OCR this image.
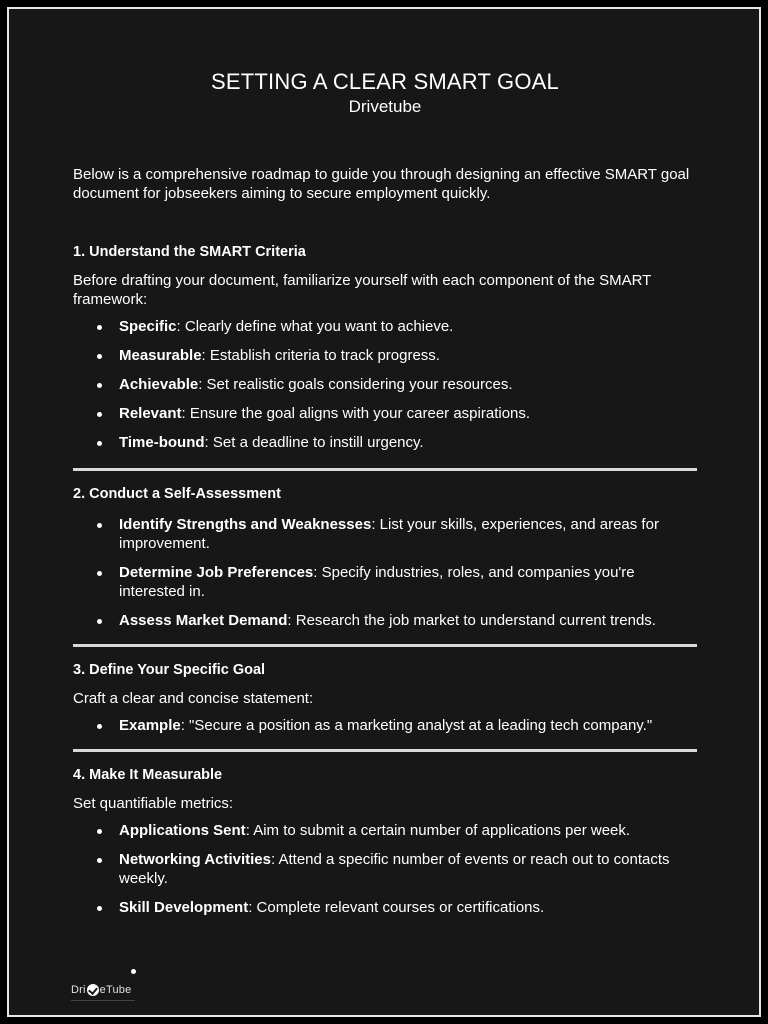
SETTING A CLEAR SMART GOAL
Drivetube

Below is a comprehensive roadmap to guide you through designing an effective SMART goal document for jobseekers aiming to secure employment quickly.

1. Understand the SMART Criteria

Before drafting your document, familiarize yourself with each component of the SMART framework:

Specific: Clearly define what you want to achieve.
Measurable: Establish criteria to track progress.
Achievable: Set realistic goals considering your resources.
Relevant: Ensure the goal aligns with your career aspirations.
Time-bound: Set a deadline to instill urgency.
2. Conduct a Self-Assessment
Identify Strengths and Weaknesses: List your skills, experiences, and areas for improvement.
Determine Job Preferences: Specify industries, roles, and companies you're interested in.
Assess Market Demand: Research the job market to understand current trends.
3. Define Your Specific Goal

Craft a clear and concise statement:

Example: "Secure a position as a marketing analyst at a leading tech company."
4. Make It Measurable

Set quantifiable metrics:

Applications Sent: Aim to submit a certain number of applications per week.
Networking Activities: Attend a specific number of events or reach out to contacts weekly.
Skill Development: Complete relevant courses or certifications.
Dri eTube
